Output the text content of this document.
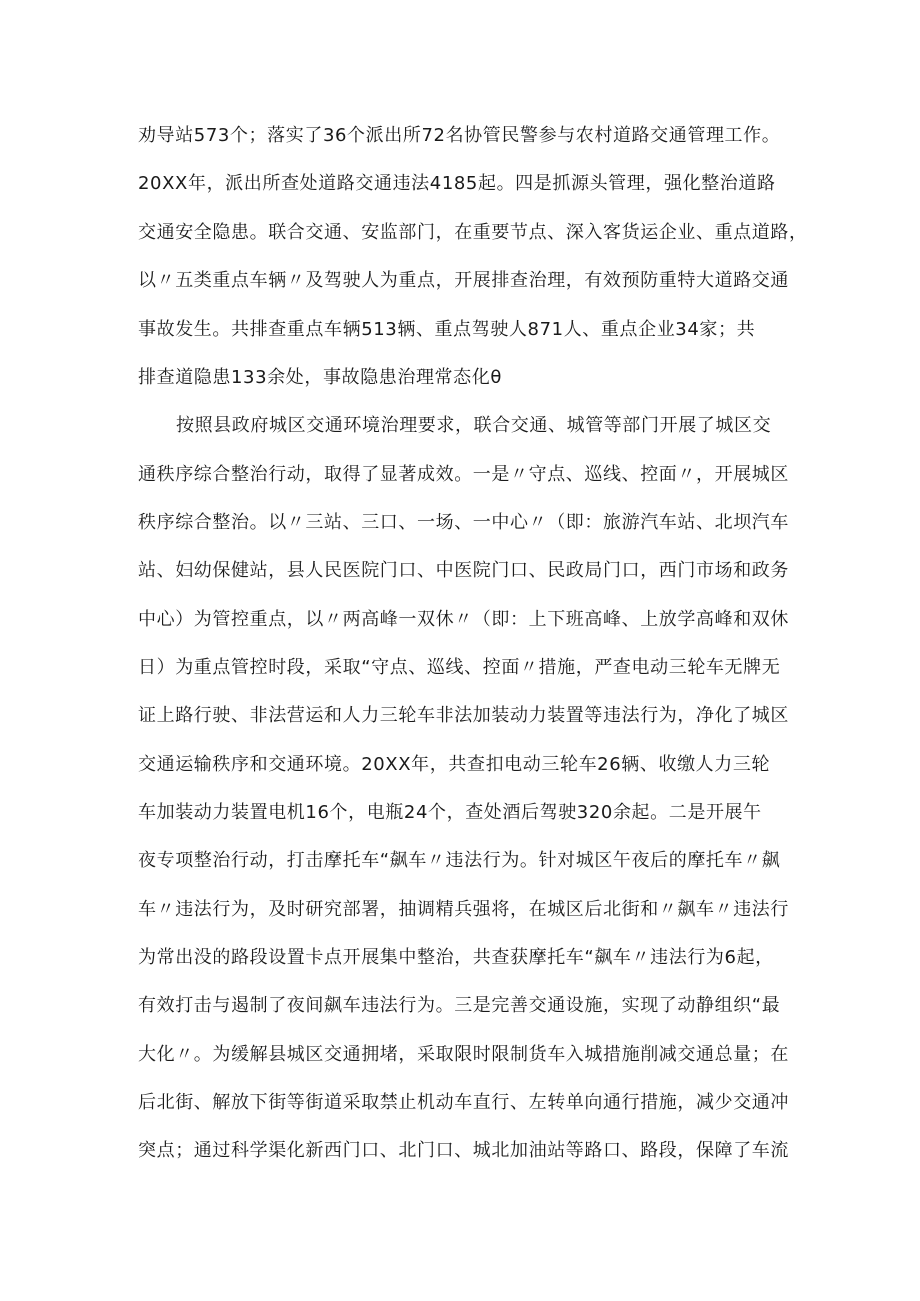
劝导站573个；落实了36个派出所72名协管民警参与农村道路交通管理工作。
20XX年，派出所查处道路交通违法4185起。四是抓源头管理，强化整治道路
交通安全隐患。联合交通、安监部门，在重要节点、深入客货运企业、重点道路，
以〃五类重点车辆〃及驾驶人为重点，开展排查治理，有效预防重特大道路交通
事故发生。共排查重点车辆513辆、重点驾驶人871人、重点企业34家；共
排查道隐患133余处，事故隐患治理常态化θ
按照县政府城区交通环境治理要求，联合交通、城管等部门开展了城区交
通秩序综合整治行动，取得了显著成效。一是〃守点、巡线、控面〃，开展城区
秩序综合整治。以〃三站、三口、一场、一中心〃（即：旅游汽车站、北坝汽车
站、妇幼保健站，县人民医院门口、中医院门口、民政局门口，西门市场和政务
中心）为管控重点，以〃两高峰一双休〃（即：上下班高峰、上放学高峰和双休
日）为重点管控时段，采取“守点、巡线、控面〃措施，严查电动三轮车无牌无
证上路行驶、非法营运和人力三轮车非法加装动力装置等违法行为，净化了城区
交通运输秩序和交通环境。20XX年，共查扣电动三轮车26辆、收缴人力三轮
车加装动力装置电机16个，电瓶24个，查处酒后驾驶320余起。二是开展午
夜专项整治行动，打击摩托车“飙车〃违法行为。针对城区午夜后的摩托车〃飙
车〃违法行为，及时研究部署，抽调精兵强将，在城区后北街和〃飙车〃违法行
为常出没的路段设置卡点开展集中整治，共查获摩托车“飙车〃违法行为6起，
有效打击与遏制了夜间飙车违法行为。三是完善交通设施，实现了动静组织“最
大化〃。为缓解县城区交通拥堵，采取限时限制货车入城措施削减交通总量；在
后北街、解放下街等街道采取禁止机动车直行、左转单向通行措施，减少交通冲
突点；通过科学渠化新西门口、北门口、城北加油站等路口、路段，保障了车流
